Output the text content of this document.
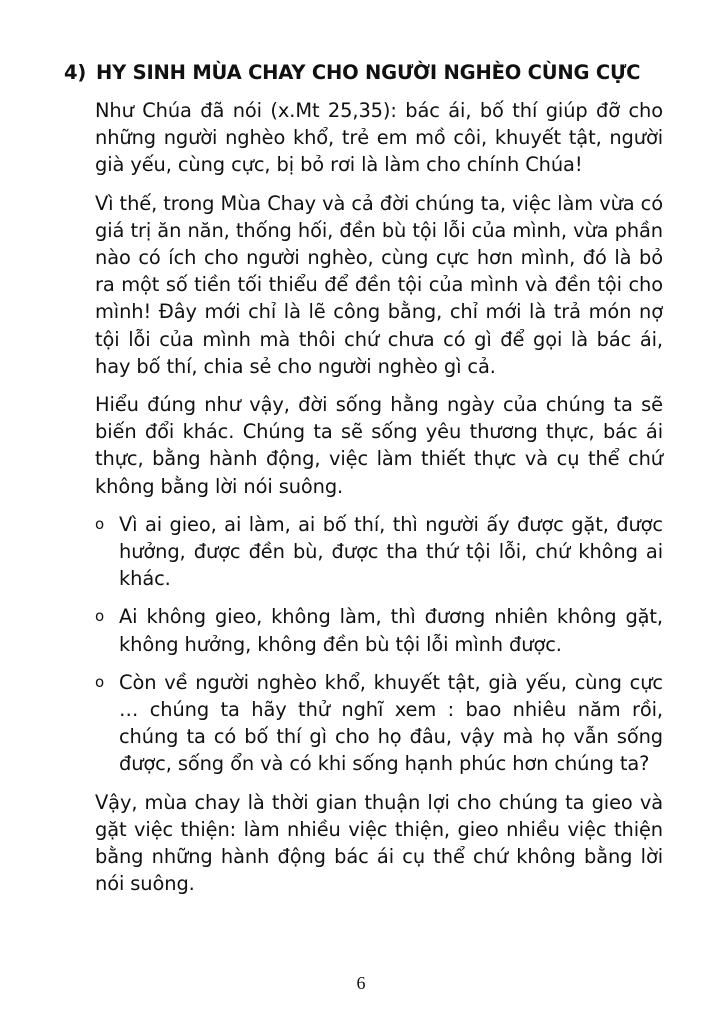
4) HY SINH MÙA CHAY CHO NGƯỜI NGHÈO CÙNG CỰC

Như Chúa đã nói (x.Mt 25,35): bác ái, bố thí giúp đỡ cho những người nghèo khổ, trẻ em mồ côi, khuyết tật, người già yếu, cùng cực, bị bỏ rơi là làm cho chính Chúa!

Vì thế, trong Mùa Chay và cả đời chúng ta, việc làm vừa có giá trị ăn năn, thống hối, đền bù tội lỗi của mình, vừa phần nào có ích cho người nghèo, cùng cực hơn mình, đó là bỏ ra một số tiền tối thiểu để đền tội của mình và đền tội cho mình! Đây mới chỉ là lẽ công bằng, chỉ mới là trả món nợ tội lỗi của mình mà thôi chứ chưa có gì để gọi là bác ái, hay bố thí, chia sẻ cho người nghèo gì cả.

Hiểu đúng như vậy, đời sống hằng ngày của chúng ta sẽ biến đổi khác. Chúng ta sẽ sống yêu thương thực, bác ái thực, bằng hành động, việc làm thiết thực và cụ thể chứ không bằng lời nói suông.

o Vì ai gieo, ai làm, ai bố thí, thì người ấy được gặt, được hưởng, được đền bù, được tha thứ tội lỗi, chứ không ai khác.
o Ai không gieo, không làm, thì đương nhiên không gặt, không hưởng, không đền bù tội lỗi mình được.
o Còn về người nghèo khổ, khuyết tật, già yếu, cùng cực … chúng ta hãy thử nghĩ xem : bao nhiêu năm rồi, chúng ta có bố thí gì cho họ đâu, vậy mà họ vẫn sống được, sống ổn và có khi sống hạnh phúc hơn chúng ta?

Vậy, mùa chay là thời gian thuận lợi cho chúng ta gieo và gặt việc thiện: làm nhiều việc thiện, gieo nhiều việc thiện bằng những hành động bác ái cụ thể chứ không bằng lời nói suông.

6
